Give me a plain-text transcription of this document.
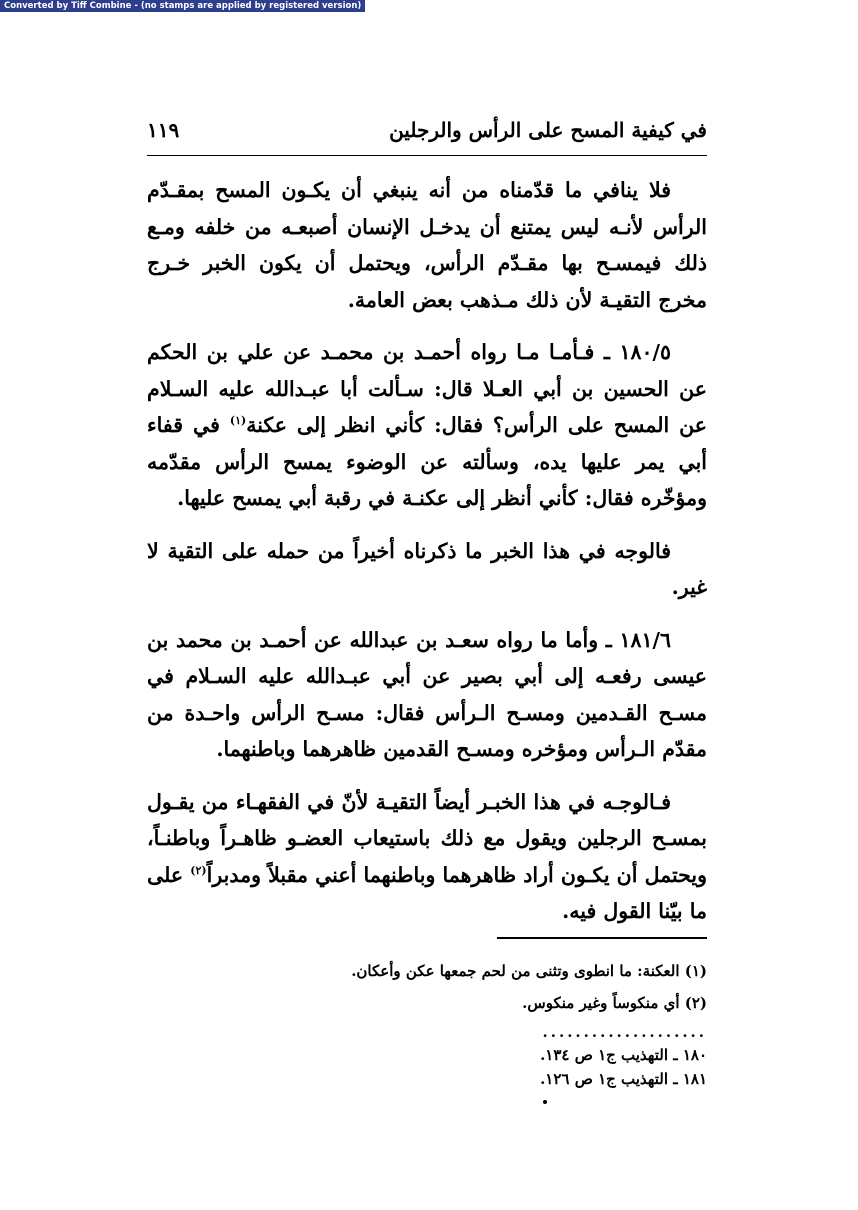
Converted by Tiff Combine - (no stamps are applied by registered version)
في كيفية المسح على الرأس والرجلين
١١٩

فلا ينافي ما قدّمناه من أنه ينبغي أن يكـون المسح بمقـدّم الرأس لأنـه ليس يمتنع أن يدخـل الإنسان أصبعـه من خلفه ومـع ذلك فيمسـح بها مقـدّم الرأس، ويحتمل أن يكون الخبر خـرج مخرج التقيـة لأن ذلك مـذهب بعض العامة.

١٨٠/٥ ـ فـأمـا مـا رواه أحمـد بن محمـد عن علي بن الحكم عن الحسين بن أبي العـلا قال: سـألت أبا عبـدالله عليه السـلام عن المسح على الرأس؟ فقال: كأني انظر إلى عكنة$^{(١)}$ في قفاء أبي يمر عليها يده، وسألته عن الوضوء يمسح الرأس مقدّمه ومؤخّره فقال: كأني أنظر إلى عكنـة في رقبة أبي يمسح عليها.

فالوجه في هذا الخبر ما ذكرناه أخيراً من حمله على التقية لا غير.

١٨١/٦ ـ وأما ما رواه سعـد بن عبدالله عن أحمـد بن محمد بن عيسى رفعـه إلى أبي بصير عن أبي عبـدالله عليه السـلام في مسـح القـدمين ومسـح الـرأس فقال: مسـح الرأس واحـدة من مقدّم الـرأس ومؤخره ومسـح القدمين ظاهرهما وباطنهما.

فـالوجـه في هذا الخبـر أيضاً التقيـة لأنّ في الفقهـاء من يقـول بمسـح الرجلين ويقول مع ذلك باستيعاب العضـو ظاهـراً وباطنـاً، ويحتمل أن يكـون أراد ظاهرهما وباطنهما أعني مقبلاً ومدبراً$^{(٢)}$ على ما بيّنا القول فيه.

(١) العكنة: ما انطوى وتثنى من لحم جمعها عكن وأعكان.
(٢) أي منكوساً وغير منكوس.
....................
١٨٠ ـ التهذيب ج١ ص ١٣٤.
١٨١ ـ التهذيب ج١ ص ١٢٦.
